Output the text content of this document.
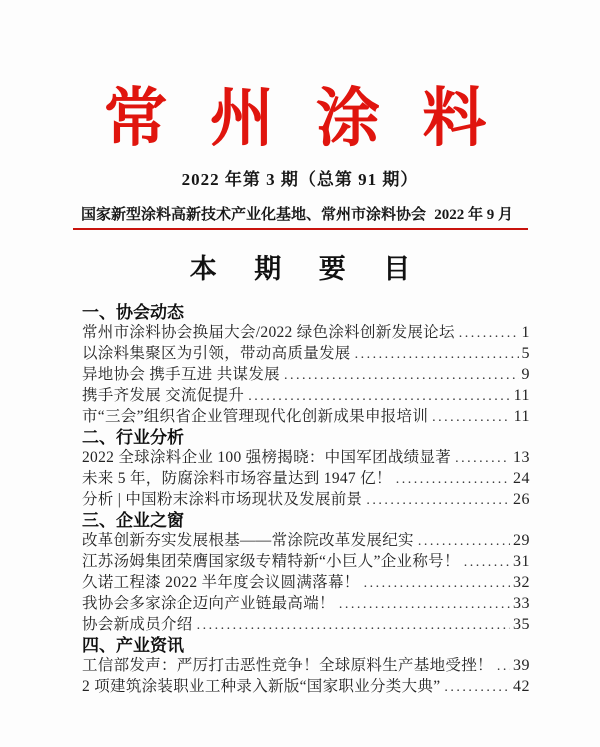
常 州 涂 料
2022 年第 3 期（总第 91 期）
国家新型涂料高新技术产业化基地、常州市涂料协会 2022 年 9 月
本 期 要 目
一、协会动态
常州市涂料协会换届大会/2022 绿色涂料创新发展论坛 .....	1
以涂料集聚区为引领，带动高质量发展 .....	5
异地协会 携手互进 共谋发展 .....	9
携手齐发展 交流促提升 .....	11
市“三会”组织省企业管理现代化创新成果申报培训 .....	11
二、行业分析
2022 全球涂料企业 100 强榜揭晓：中国军团战绩显著 .....	13
未来 5 年，防腐涂料市场容量达到 1947 亿！ .....	24
分析 | 中国粉末涂料市场现状及发展前景 .....	26
三、企业之窗
改革创新夯实发展根基——常涂院改革发展纪实 .....	29
江苏汤姆集团荣膺国家级专精特新“小巨人”企业称号！ .....	31
久诺工程漆 2022 半年度会议圆满落幕！ .....	32
我协会多家涂企迈向产业链最高端！ .....	33
协会新成员介绍 .....	35
四、产业资讯
工信部发声：严厉打击恶性竞争！全球原料生产基地受挫！ ..... 39
2 项建筑涂装职业工种录入新版“国家职业分类大典” .....	42
